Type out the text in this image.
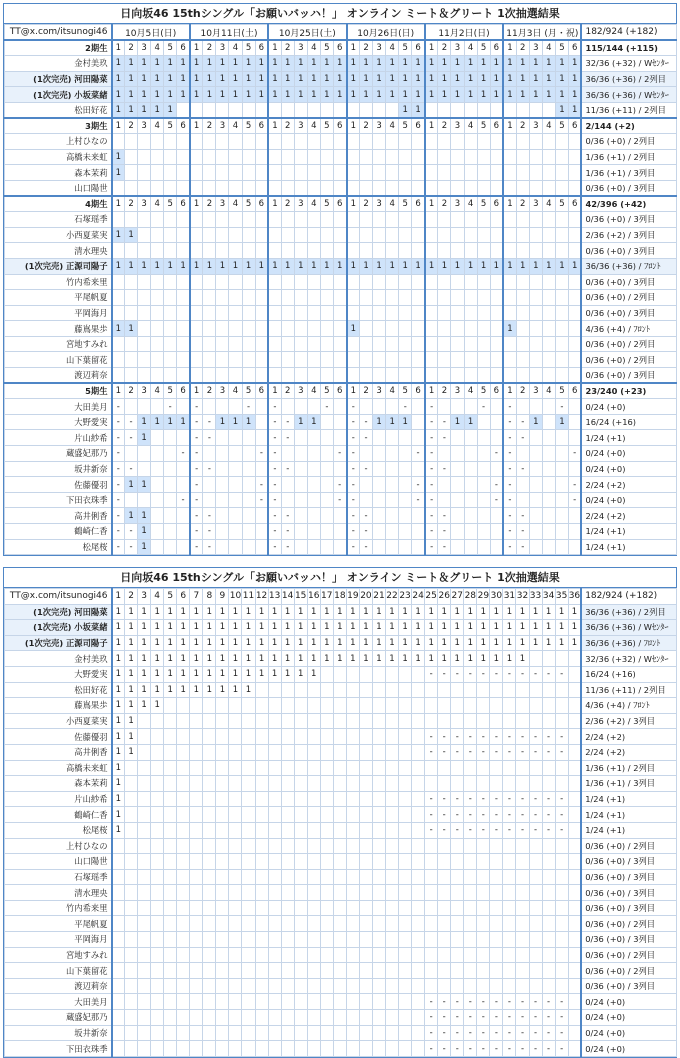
日向坂46 15thシングル「お願いバッハ！」 オンライン ミート＆グリート 1次抽選結果
TT@x.com/itsunogi46	10月5日(日)						10月11日(土)						10月25日(土)						10月26日(日)						11月2日(日)						11月3日 (月・祝)						182/924 (+182)
2期生	1	2	3	4	5	6	1	2	3	4	5	6	1	2	3	4	5	6	1	2	3	4	5	6	1	2	3	4	5	6	1	2	3	4	5	6	115/144 (+115)
金村美玖	1	1	1	1	1	1	1	1	1	1	1	1	1	1	1	1	1	1	1	1	1	1	1	1	1	1	1	1	1	1	1	1	1	1	1	1	32/36 (+32) / Wｾﾝﾀｰ
(1次完売) 河田陽菜	1	1	1	1	1	1	1	1	1	1	1	1	1	1	1	1	1	1	1	1	1	1	1	1	1	1	1	1	1	1	1	1	1	1	1	1	36/36 (+36) / 2列目
(1次完売) 小坂菜緒	1	1	1	1	1	1	1	1	1	1	1	1	1	1	1	1	1	1	1	1	1	1	1	1	1	1	1	1	1	1	1	1	1	1	1	1	36/36 (+36) / Wｾﾝﾀｰ
松田好花	1	1	1	1	1																		1	1											1	1	11/36 (+11) / 2列目
3期生	1	2	3	4	5	6	1	2	3	4	5	6	1	2	3	4	5	6	1	2	3	4	5	6	1	2	3	4	5	6	1	2	3	4	5	6	2/144 (+2)
上村ひなの																																					0/36 (+0) / 2列目
高橋未来虹	1																																				1/36 (+1) / 2列目
森本茉莉	1																																				1/36 (+1) / 3列目
山口陽世																																					0/36 (+0) / 3列目
4期生	1	2	3	4	5	6	1	2	3	4	5	6	1	2	3	4	5	6	1	2	3	4	5	6	1	2	3	4	5	6	1	2	3	4	5	6	42/396 (+42)
石塚瑶季																																					0/36 (+0) / 3列目
小西夏菜実	1	1																																			2/36 (+2) / 3列目
清水理央																																					0/36 (+0) / 3列目
(1次完売) 正源司陽子	1	1	1	1	1	1	1	1	1	1	1	1	1	1	1	1	1	1	1	1	1	1	1	1	1	1	1	1	1	1	1	1	1	1	1	1	36/36 (+36) / ﾌﾛﾝﾄ
竹内希来里																																					0/36 (+0) / 3列目
平尾帆夏																																					0/36 (+0) / 2列目
平岡海月																																					0/36 (+0) / 3列目
藤嶌果歩	1	1																	1												1						4/36 (+4) / ﾌﾛﾝﾄ
宮地すみれ																																					0/36 (+0) / 2列目
山下葉留花																																					0/36 (+0) / 2列目
渡辺莉奈																																					0/36 (+0) / 3列目
5期生	1	2	3	4	5	6	1	2	3	4	5	6	1	2	3	4	5	6	1	2	3	4	5	6	1	2	3	4	5	6	1	2	3	4	5	6	23/240 (+23)
大田美月	-				-		-				-		-				-		-				-		-				-		-				-		0/24 (+0)
大野愛実	-	-	1	1	1	1	-	-	1	1	1		-	-	1	1			-	-	1	1	1		-	-	1	1			-	-	1		1		16/24 (+16)
片山紗希	-	-	1				-	-					-	-					-	-					-	-					-	-					1/24 (+1)
蔵盛妃那乃	-					-	-					-	-					-	-					-	-					-	-					-	0/24 (+0)
坂井新奈	-	-					-	-					-	-					-	-					-	-					-	-					0/24 (+0)
佐藤優羽	-	1	1				-					-	-					-	-					-	-					-	-					-	2/24 (+2)
下田衣珠季	-					-	-					-	-					-	-					-	-					-	-					-	0/24 (+0)
高井俐香	-	1	1				-	-					-	-					-	-					-	-					-	-					2/24 (+2)
鶴崎仁香	-	-	1				-	-					-	-					-	-					-	-					-	-					1/24 (+1)
松尾桜	-	-	1				-	-					-	-					-	-					-	-					-	-					1/24 (+1)
日向坂46 15thシングル「お願いバッハ！」 オンライン ミート＆グリート 1次抽選結果
TT@x.com/itsunogi46	1	2	3	4	5	6	7	8	9	10	11	12	13	14	15	16	17	18	19	20	21	22	23	24	25	26	27	28	29	30	31	32	33	34	35	36	182/924 (+182)
(1次完売) 河田陽菜	1	1	1	1	1	1	1	1	1	1	1	1	1	1	1	1	1	1	1	1	1	1	1	1	1	1	1	1	1	1	1	1	1	1	1	1	36/36 (+36) / 2列目
(1次完売) 小坂菜緒	1	1	1	1	1	1	1	1	1	1	1	1	1	1	1	1	1	1	1	1	1	1	1	1	1	1	1	1	1	1	1	1	1	1	1	1	36/36 (+36) / Wｾﾝﾀｰ
(1次完売) 正源司陽子	1	1	1	1	1	1	1	1	1	1	1	1	1	1	1	1	1	1	1	1	1	1	1	1	1	1	1	1	1	1	1	1	1	1	1	1	36/36 (+36) / ﾌﾛﾝﾄ
金村美玖	1	1	1	1	1	1	1	1	1	1	1	1	1	1	1	1	1	1	1	1	1	1	1	1	1	1	1	1	1	1	1	1					32/36 (+32) / Wｾﾝﾀｰ
大野愛実	1	1	1	1	1	1	1	1	1	1	1	1	1	1	1	1									-	-	-	-	-	-	-	-	-	-	-		16/24 (+16)
松田好花	1	1	1	1	1	1	1	1	1	1	1																										11/36 (+11) / 2列目
藤嶌果歩	1	1	1	1																																	4/36 (+4) / ﾌﾛﾝﾄ
小西夏菜実	1	1																																			2/36 (+2) / 3列目
佐藤優羽	1	1																							-	-	-	-	-	-	-	-	-	-	-		2/24 (+2)
高井俐香	1	1																							-	-	-	-	-	-	-	-	-	-	-		2/24 (+2)
高橋未来虹	1																																				1/36 (+1) / 2列目
森本茉莉	1																																				1/36 (+1) / 3列目
片山紗希	1																								-	-	-	-	-	-	-	-	-	-	-		1/24 (+1)
鶴崎仁香	1																								-	-	-	-	-	-	-	-	-	-	-		1/24 (+1)
松尾桜	1																								-	-	-	-	-	-	-	-	-	-	-		1/24 (+1)
上村ひなの																																					0/36 (+0) / 2列目
山口陽世																																					0/36 (+0) / 3列目
石塚瑶季																																					0/36 (+0) / 3列目
清水理央																																					0/36 (+0) / 3列目
竹内希来里																																					0/36 (+0) / 3列目
平尾帆夏																																					0/36 (+0) / 2列目
平岡海月																																					0/36 (+0) / 3列目
宮地すみれ																																					0/36 (+0) / 2列目
山下葉留花																																					0/36 (+0) / 2列目
渡辺莉奈																																					0/36 (+0) / 3列目
大田美月																									-	-	-	-	-	-	-	-	-	-	-		0/24 (+0)
蔵盛妃那乃																									-	-	-	-	-	-	-	-	-	-	-		0/24 (+0)
坂井新奈																									-	-	-	-	-	-	-	-	-	-	-		0/24 (+0)
下田衣珠季																									-	-	-	-	-	-	-	-	-	-	-		0/24 (+0)
